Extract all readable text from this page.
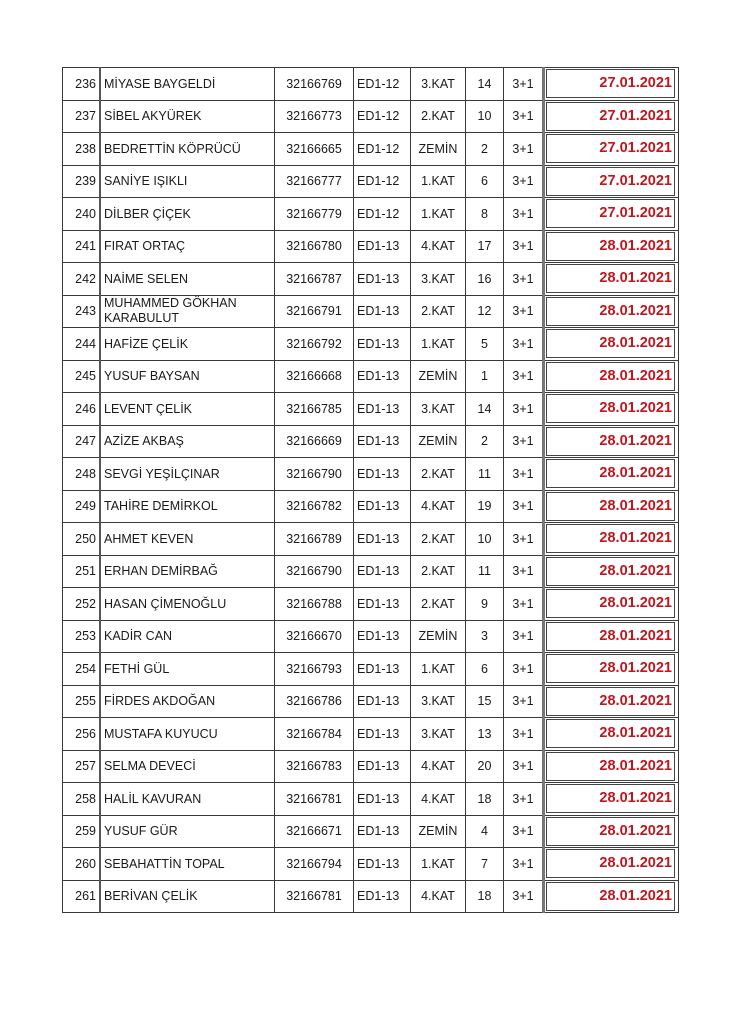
236	MİYASE BAYGELDİ	32166769	ED1-12	3.KAT	14	3+1	27.01.2021

237	SİBEL AKYÜREK	32166773	ED1-12	2.KAT	10	3+1	27.01.2021

238	BEDRETTİN KÖPRÜCÜ	32166665	ED1-12	ZEMİN	2	3+1	27.01.2021

239	SANİYE IŞIKLI	32166777	ED1-12	1.KAT	6	3+1	27.01.2021

240	DİLBER ÇİÇEK	32166779	ED1-12	1.KAT	8	3+1	27.01.2021

241	FIRAT ORTAÇ	32166780	ED1-13	4.KAT	17	3+1	28.01.2021

242	NAİME SELEN	32166787	ED1-13	3.KAT	16	3+1	28.01.2021

243	MUHAMMED GÖKHAN KARABULUT	32166791	ED1-13	2.KAT	12	3+1	28.01.2021

244	HAFİZE ÇELİK	32166792	ED1-13	1.KAT	5	3+1	28.01.2021

245	YUSUF BAYSAN	32166668	ED1-13	ZEMİN	1	3+1	28.01.2021

246	LEVENT ÇELİK	32166785	ED1-13	3.KAT	14	3+1	28.01.2021

247	AZİZE AKBAŞ	32166669	ED1-13	ZEMİN	2	3+1	28.01.2021

248	SEVGİ YEŞİLÇINAR	32166790	ED1-13	2.KAT	11	3+1	28.01.2021

249	TAHİRE DEMİRKOL	32166782	ED1-13	4.KAT	19	3+1	28.01.2021

250	AHMET KEVEN	32166789	ED1-13	2.KAT	10	3+1	28.01.2021

251	ERHAN DEMİRBAĞ	32166790	ED1-13	2.KAT	11	3+1	28.01.2021

252	HASAN ÇİMENOĞLU	32166788	ED1-13	2.KAT	9	3+1	28.01.2021

253	KADİR CAN	32166670	ED1-13	ZEMİN	3	3+1	28.01.2021

254	FETHİ GÜL	32166793	ED1-13	1.KAT	6	3+1	28.01.2021

255	FİRDES AKDOĞAN	32166786	ED1-13	3.KAT	15	3+1	28.01.2021

256	MUSTAFA KUYUCU	32166784	ED1-13	3.KAT	13	3+1	28.01.2021

257	SELMA DEVECİ	32166783	ED1-13	4.KAT	20	3+1	28.01.2021

258	HALİL KAVURAN	32166781	ED1-13	4.KAT	18	3+1	28.01.2021

259	YUSUF GÜR	32166671	ED1-13	ZEMİN	4	3+1	28.01.2021

260	SEBAHATTİN TOPAL	32166794	ED1-13	1.KAT	7	3+1	28.01.2021

261	BERİVAN ÇELİK	32166781	ED1-13	4.KAT	18	3+1	28.01.2021
